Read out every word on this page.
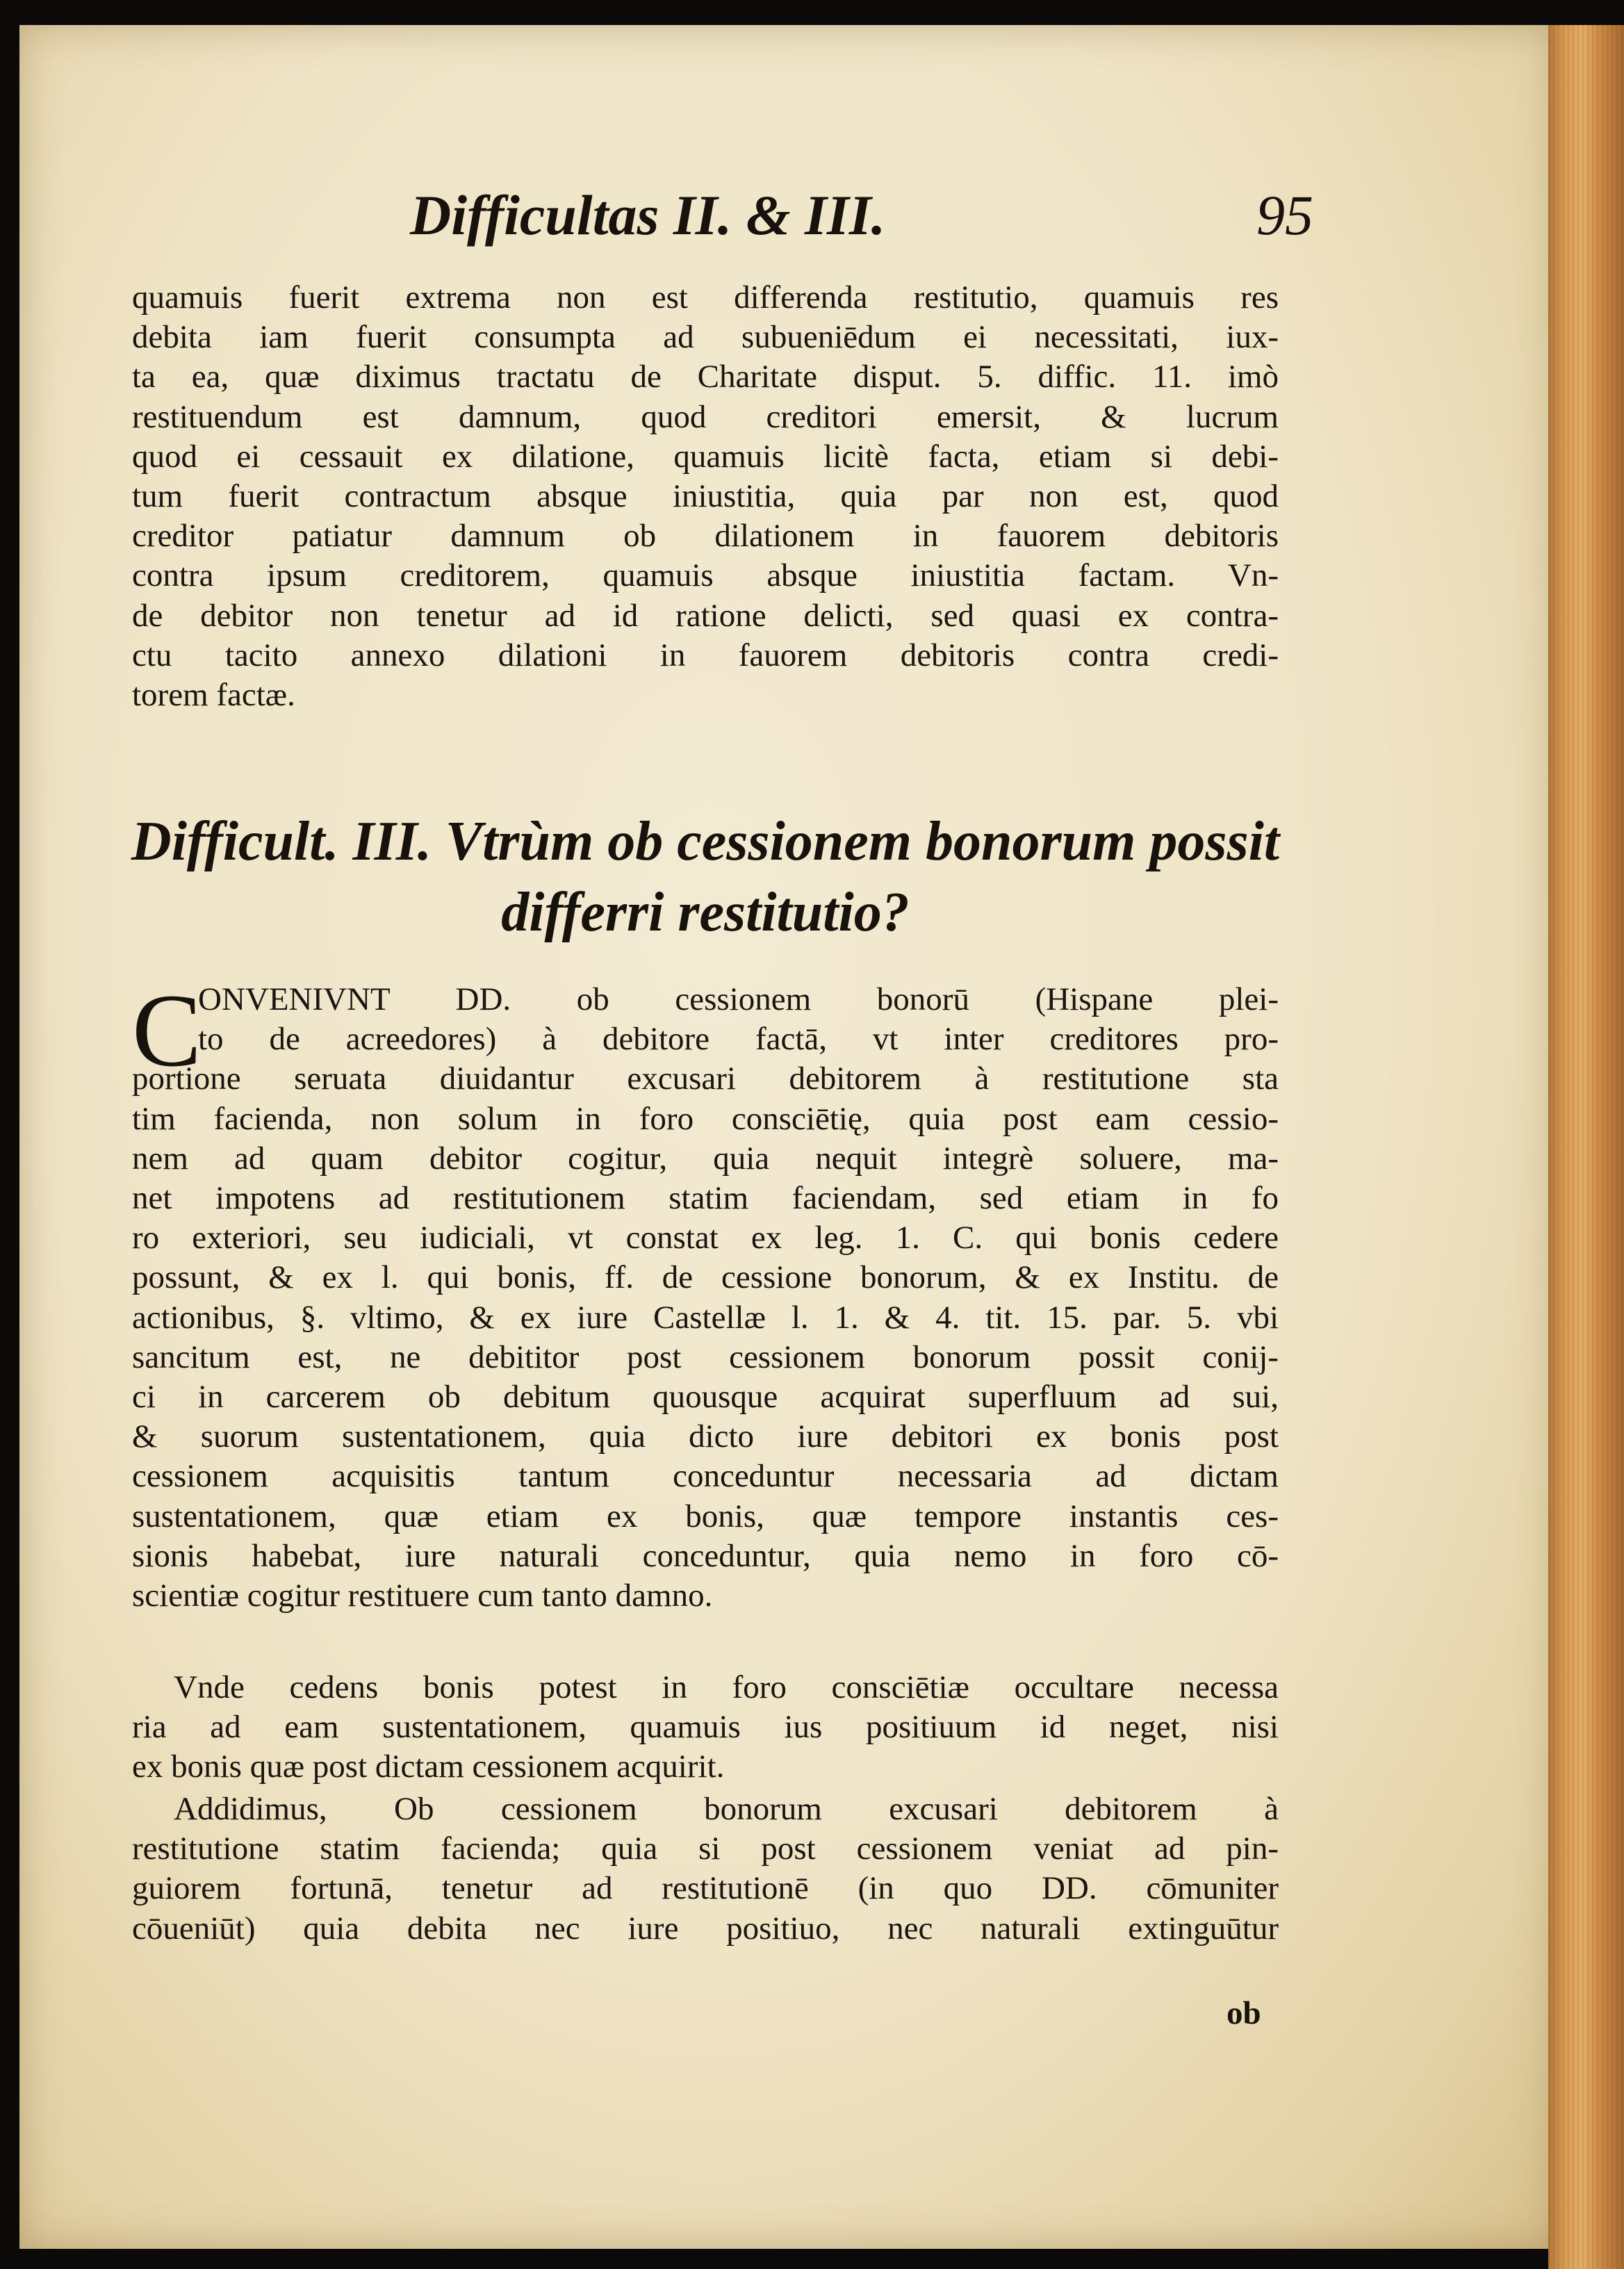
Difficultas II. & III.	95

quamuis fuerit extrema non est differenda restitutio, quamuis res
debita iam fuerit consumpta ad subueniēdum ei necessitati, iux-
ta ea, quæ diximus tractatu de Charitate disput. 5. diffic. 11. imò
restituendum est damnum, quod creditori emersit, & lucrum
quod ei cessauit ex dilatione, quamuis licitè facta, etiam si debi-
tum fuerit contractum absque iniustitia, quia par non est, quod
creditor patiatur damnum ob dilationem in fauorem debitoris
contra ipsum creditorem, quamuis absque iniustitia factam. Vn-
de debitor non tenetur ad id ratione delicti, sed quasi ex contra-
ctu tacito annexo dilationi in fauorem debitoris contra credi-
torem factæ.

Difficult. III. Vtrùm ob cessionem bonorum possit
differri restitutio?
C

ONVENIVNT DD. ob cessionem bonorū (Hispane plei-
to de acreedores) à debitore factā, vt inter creditores pro-
portione seruata diuidantur excusari debitorem à restitutione sta
tim facienda, non solum in foro consciētię, quia post eam cessio-
nem ad quam debitor cogitur, quia nequit integrè soluere, ma-
net impotens ad restitutionem statim faciendam, sed etiam in fo
ro exteriori, seu iudiciali, vt constat ex leg. 1. C. qui bonis cedere
possunt, & ex l. qui bonis, ff. de cessione bonorum, & ex Institu. de
actionibus, §. vltimo, & ex iure Castellæ l. 1. & 4. tit. 15. par. 5. vbi
sancitum est, ne debititor post cessionem bonorum possit conij-
ci in carcerem ob debitum quousque acquirat superfluum ad sui,
& suorum sustentationem, quia dicto iure debitori ex bonis post
cessionem acquisitis tantum conceduntur necessaria ad dictam
sustentationem, quæ etiam ex bonis, quæ tempore instantis ces-
sionis habebat, iure naturali conceduntur, quia nemo in foro cō-
scientiæ cogitur restituere cum tanto damno.

Vnde cedens bonis potest in foro consciētiæ occultare necessa
ria ad eam sustentationem, quamuis ius positiuum id neget, nisi
ex bonis quæ post dictam cessionem acquirit.

Addidimus, Ob cessionem bonorum excusari debitorem à
restitutione statim facienda; quia si post cessionem veniat ad pin-
guiorem fortunā, tenetur ad restitutionē (in quo DD. cōmuniter
cōueniūt) quia debita nec iure positiuo, nec naturali extinguūtur

ob
